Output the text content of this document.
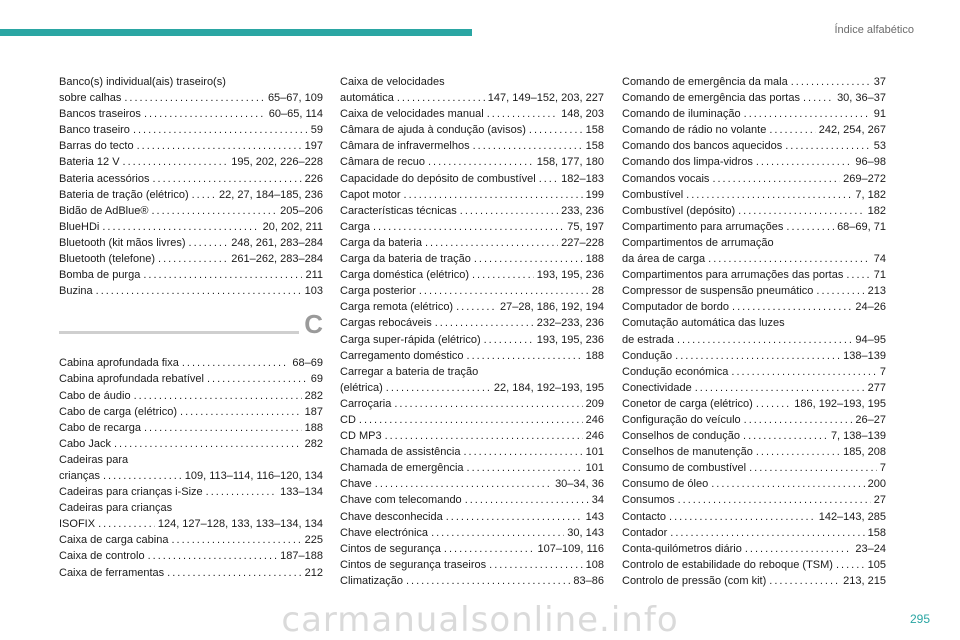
Índice alfabético
Banco(s) individual(ais) traseiro(s)
sobre calhas .....	65–67, 109
Bancos traseiros .....	60–65, 114
Banco traseiro .....	59
Barras do tecto .....	197
Bateria 12 V .....	195, 202, 226–228
Bateria acessórios .....	226
Bateria de tração (elétrico) .....	22, 27, 184–185, 236
Bidão de AdBlue® .....	205–206
BlueHDi .....	20, 202, 211
Bluetooth (kit mãos livres) .....	248, 261, 283–284
Bluetooth (telefone) .....	261–262, 283–284
Bomba de purga .....	211
Buzina .....	103
C
Cabina aprofundada fixa .....	68–69
Cabina aprofundada rebatível .....	69
Cabo de áudio .....	282
Cabo de carga (elétrico) .....	187
Cabo de recarga .....	188
Cabo Jack .....	282
Cadeiras para
crianças .....	109, 113–114, 116–120, 134
Cadeiras para crianças i-Size .....	133–134
Cadeiras para crianças
ISOFIX .....	124, 127–128, 133, 133–134, 134
Caixa de carga cabina .....	225
Caixa de controlo .....	187–188
Caixa de ferramentas .....	212
Caixa de velocidades
automática .....	147, 149–152, 203, 227
Caixa de velocidades manual .....	148, 203
Câmara de ajuda à condução (avisos) .....	158
Câmara de infravermelhos .....	158
Câmara de recuo .....	158, 177, 180
Capacidade do depósito de combustível ..... 182–183
Capot motor .....	199
Características técnicas .....	233, 236
Carga .....	75, 197
Carga da bateria .....	227–228
Carga da bateria de tração .....	188
Carga doméstica (elétrico) .....	193, 195, 236
Carga posterior .....	28
Carga remota (elétrico) .....	27–28, 186, 192, 194
Cargas rebocáveis .....	232–233, 236
Carga super-rápida (elétrico) .....	193, 195, 236
Carregamento doméstico .....	188
Carregar a bateria de tração
(elétrica) .....	22, 184, 192–193, 195
Carroçaria .....	209
CD .....	246
CD MP3 .....	246
Chamada de assistência .....	101
Chamada de emergência .....	101
Chave .....	30–34, 36
Chave com telecomando .....	34
Chave desconhecida .....	143
Chave electrónica .....	30, 143
Cintos de segurança .....	107–109, 116
Cintos de segurança traseiros .....	108
Climatização .....	83–86
Comando de emergência da mala .....	37
Comando de emergência das portas .....	30, 36–37
Comando de iluminação .....	91
Comando de rádio no volante .....	242, 254, 267
Comando dos bancos aquecidos .....	53
Comando dos limpa-vidros .....	96–98
Comandos vocais .....	269–272
Combustível .....	7, 182
Combustível (depósito) .....	182
Compartimento para arrumações .....	68–69, 71
Compartimentos de arrumação
da área de carga .....	74
Compartimentos para arrumações das portas .....	71
Compressor de suspensão pneumático .....	213
Computador de bordo .....	24–26
Comutação automática das luzes
de estrada .....	94–95
Condução .....	138–139
Condução económica .....	7
Conectividade .....	277
Conetor de carga (elétrico) .....	186, 192–193, 195
Configuração do veículo .....	26–27
Conselhos de condução .....	7, 138–139
Conselhos de manutenção .....	185, 208
Consumo de combustível .....	7
Consumo de óleo .....	200
Consumos .....	27
Contacto .....	142–143, 285
Contador .....	158
Conta-quilómetros diário .....	23–24
Controlo de estabilidade do reboque (TSM) .....	105
Controlo de pressão (com kit) .....	213, 215
295
carmanualsonline.info
